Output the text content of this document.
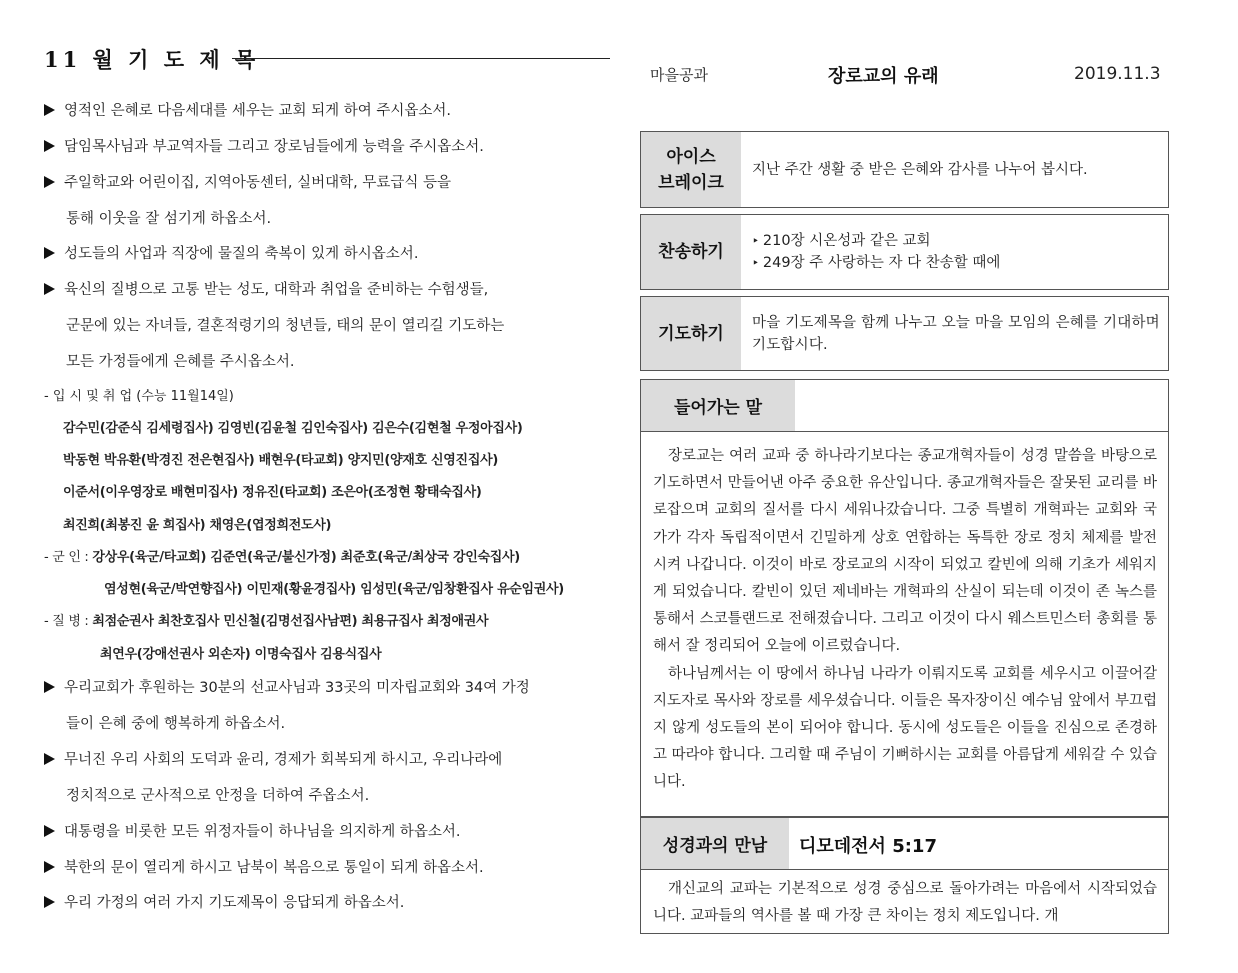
11 월 기 도 제 목
영적인 은혜로 다음세대를 세우는 교회 되게 하여 주시옵소서.
담임목사님과 부교역자들 그리고 장로님들에게 능력을 주시옵소서.
주일학교와 어린이집, 지역아동센터, 실버대학, 무료급식 등을
통해 이웃을 잘 섬기게 하옵소서.
성도들의 사업과 직장에 물질의 축복이 있게 하시옵소서.
육신의 질병으로 고통 받는 성도, 대학과 취업을 준비하는 수험생들,
군문에 있는 자녀들, 결혼적령기의 청년들, 태의 문이 열리길 기도하는
모든 가정들에게 은혜를 주시옵소서.
- 입 시 및 취 업 (수능 11월14일)
감수민(감준식 김세령집사) 김영빈(김윤철 김인숙집사) 김은수(김현철 우정아집사)
박동현 박유환(박경진 전은현집사) 배현우(타교회) 양지민(양재호 신영진집사)
이준서(이우영장로 배현미집사) 정유진(타교회) 조은아(조정현 황태숙집사)
최진희(최봉진 윤 희집사) 채영은(엽정희전도사)
- 군 인 : 강상우(육군/타교회) 김준연(육군/불신가정) 최준호(육군/최상국 강인숙집사)
염성현(육군/박연향집사) 이민재(황윤경집사) 임성민(육군/임창환집사 유순임권사)
- 질 병 : 최점순권사 최찬호집사 민신철(김명선집사남편) 최용규집사 최정애권사
최연우(강애선권사 외손자) 이명숙집사 김용식집사
우리교회가 후원하는 30분의 선교사님과 33곳의 미자립교회와 34여 가정
들이 은혜 중에 행복하게 하옵소서.
무너진 우리 사회의 도덕과 윤리, 경제가 회복되게 하시고, 우리나라에
정치적으로 군사적으로 안정을 더하여 주옵소서.
대통령을 비롯한 모든 위정자들이 하나님을 의지하게 하옵소서.
북한의 문이 열리게 하시고 남북이 복음으로 통일이 되게 하옵소서.
우리 가정의 여러 가지 기도제목이 응답되게 하옵소서.
마을공과	장로교의 유래	2019.11.3
아이스
브레이크
지난 주간 생활 중 받은 은혜와 감사를 나누어 봅시다.
찬송하기
‣ 210장 시온성과 같은 교회
‣ 249장 주 사랑하는 자 다 찬송할 때에
기도하기
마을 기도제목을 함께 나누고 오늘 마을 모임의 은혜를 기대하며 기도합시다.
들어가는 말

장로교는 여러 교파 중 하나라기보다는 종교개혁자들이 성경 말씀을 바탕으로 기도하면서 만들어낸 아주 중요한 유산입니다. 종교개혁자들은 잘못된 교리를 바로잡으며 교회의 질서를 다시 세워나갔습니다. 그중 특별히 개혁파는 교회와 국가가 각자 독립적이면서 긴밀하게 상호 연합하는 독특한 장로 정치 체제를 발전시켜 나갑니다. 이것이 바로 장로교의 시작이 되었고 칼빈에 의해 기초가 세워지게 되었습니다. 칼빈이 있던 제네바는 개혁파의 산실이 되는데 이것이 존 녹스를 통해서 스코틀랜드로 전해졌습니다. 그리고 이것이 다시 웨스트민스터 총회를 통해서 잘 정리되어 오늘에 이르렀습니다.

하나님께서는 이 땅에서 하나님 나라가 이뤄지도록 교회를 세우시고 이끌어갈 지도자로 목사와 장로를 세우셨습니다. 이들은 목자장이신 예수님 앞에서 부끄럽지 않게 성도들의 본이 되어야 합니다. 동시에 성도들은 이들을 진심으로 존경하고 따라야 합니다. 그리할 때 주님이 기뻐하시는 교회를 아름답게 세워갈 수 있습니다.

성경과의 만남	디모데전서 5:17

개신교의 교파는 기본적으로 성경 중심으로 돌아가려는 마음에서 시작되었습니다. 교파들의 역사를 볼 때 가장 큰 차이는 정치 제도입니다. 개
